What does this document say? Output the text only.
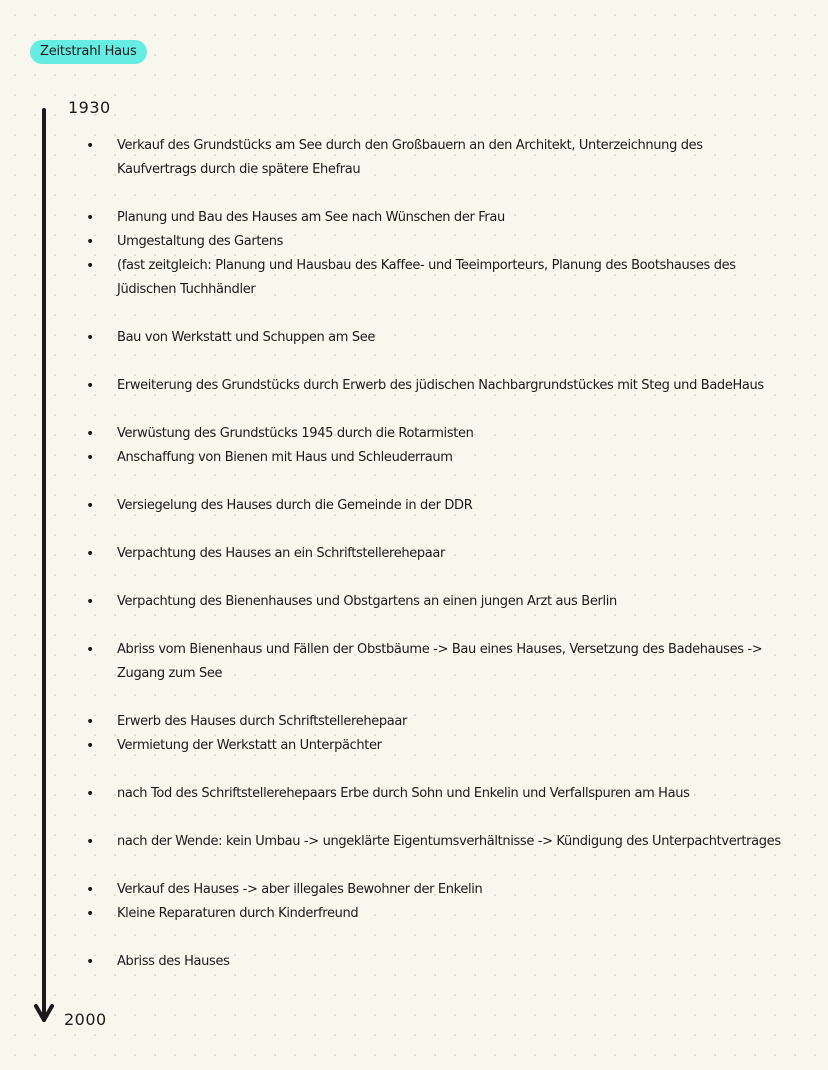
Zeitstrahl Haus
1930
2000
• Verkauf des Grundstücks am See durch den Großbauern an den Architekt, Unterzeichnung des
Kaufvertrags durch die spätere Ehefrau
• Planung und Bau des Hauses am See nach Wünschen der Frau
• Umgestaltung des Gartens
• (fast zeitgleich: Planung und Hausbau des Kaffee- und Teeimporteurs, Planung des Bootshauses des
Jüdischen Tuchhändler
• Bau von Werkstatt und Schuppen am See
• Erweiterung des Grundstücks durch Erwerb des jüdischen Nachbargrundstückes mit Steg und BadeHaus
• Verwüstung des Grundstücks 1945 durch die Rotarmisten
• Anschaffung von Bienen mit Haus und Schleuderraum
• Versiegelung des Hauses durch die Gemeinde in der DDR
• Verpachtung des Hauses an ein Schriftstellerehepaar
• Verpachtung des Bienenhauses und Obstgartens an einen jungen Arzt aus Berlin
• Abriss vom Bienenhaus und Fällen der Obstbäume -> Bau eines Hauses, Versetzung des Badehauses ->
Zugang zum See
• Erwerb des Hauses durch Schriftstellerehepaar
• Vermietung der Werkstatt an Unterpächter
• nach Tod des Schriftstellerehepaars Erbe durch Sohn und Enkelin und Verfallspuren am Haus
• nach der Wende: kein Umbau -> ungeklärte Eigentumsverhältnisse -> Kündigung des Unterpachtvertrages
• Verkauf des Hauses -> aber illegales Bewohner der Enkelin
• Kleine Reparaturen durch Kinderfreund
• Abriss des Hauses
